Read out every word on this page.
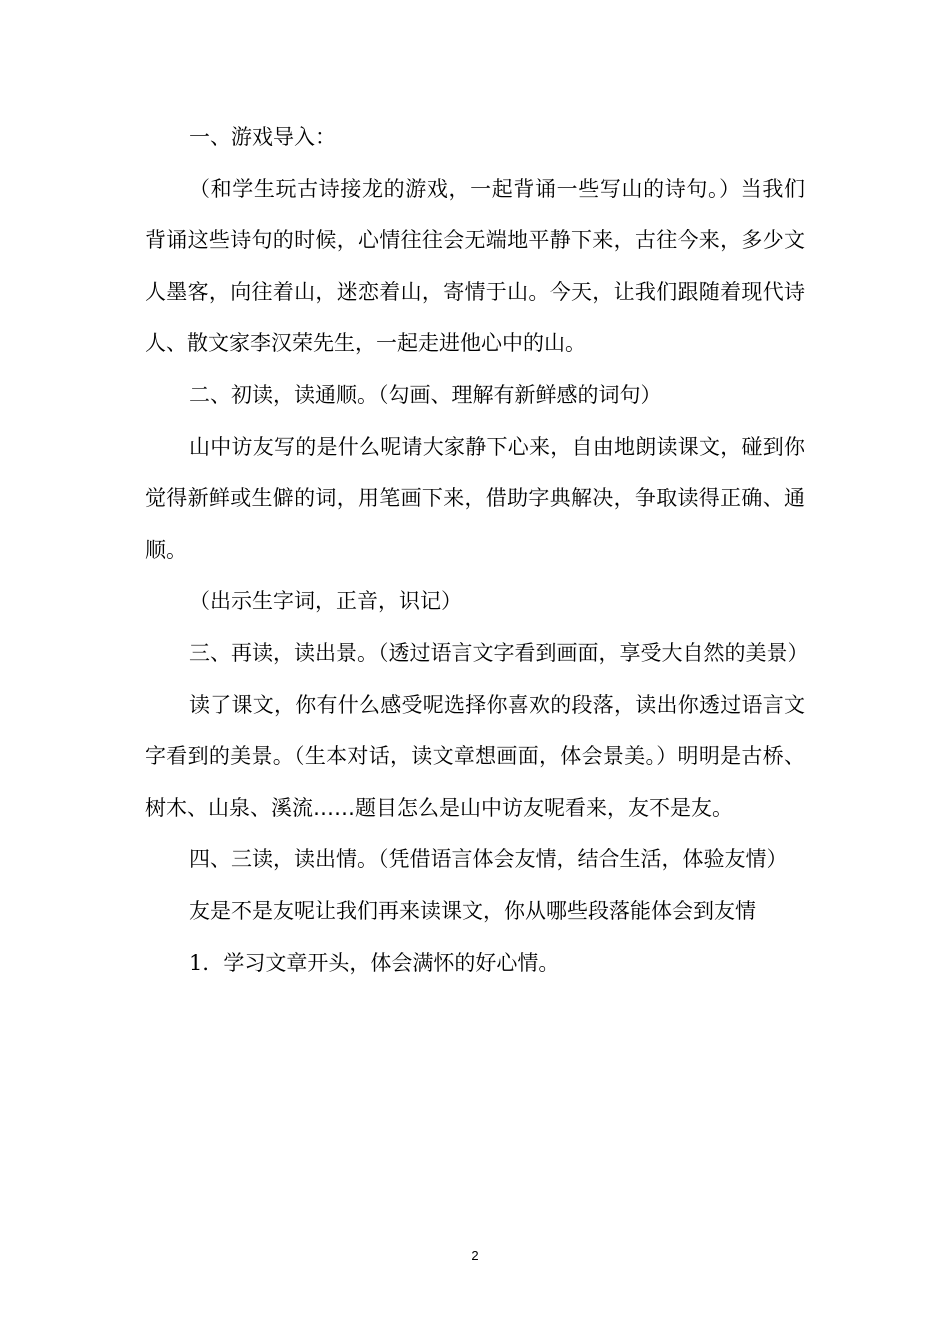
一、游戏导入：

（和学生玩古诗接龙的游戏，一起背诵一些写山的诗句。）当我们背诵这些诗句的时候，心情往往会无端地平静下来，古往今来，多少文人墨客，向往着山，迷恋着山，寄情于山。今天，让我们跟随着现代诗人、散文家李汉荣先生，一起走进他心中的山。

二、初读，读通顺。（勾画、理解有新鲜感的词句）

山中访友写的是什么呢请大家静下心来，自由地朗读课文，碰到你觉得新鲜或生僻的词，用笔画下来，借助字典解决，争取读得正确、通顺。

（出示生字词，正音，识记）

三、再读，读出景。（透过语言文字看到画面，享受大自然的美景）

读了课文，你有什么感受呢选择你喜欢的段落，读出你透过语言文字看到的美景。（生本对话，读文章想画面，体会景美。）明明是古桥、树木、山泉、溪流……题目怎么是山中访友呢看来，友不是友。

四、三读，读出情。（凭借语言体会友情，结合生活，体验友情）

友是不是友呢让我们再来读课文，你从哪些段落能体会到友情

1．学习文章开头，体会满怀的好心情。

2
